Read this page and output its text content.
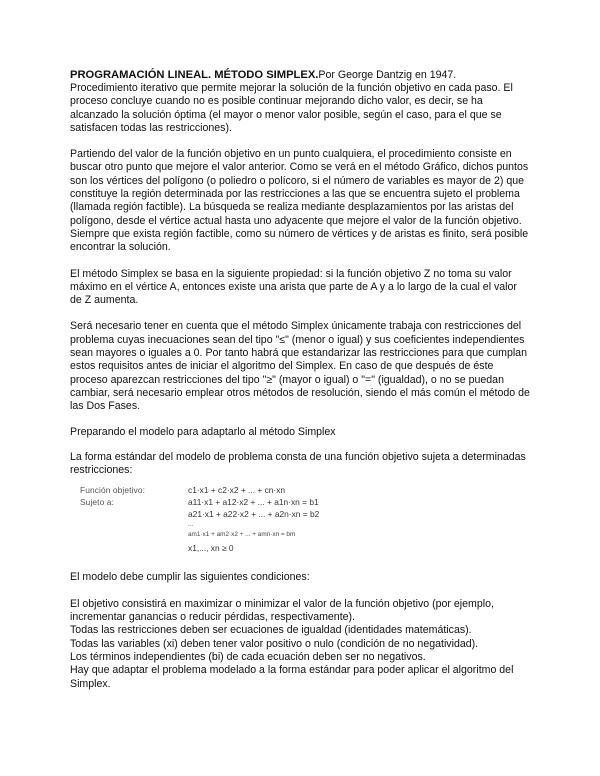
PROGRAMACIÓN LINEAL. MÉTODO SIMPLEX.Por George Dantzig en 1947.

Procedimiento iterativo que permite mejorar la solución de la función objetivo en cada paso. El proceso concluye cuando no es posible continuar mejorando dicho valor, es decir, se ha alcanzado la solución óptima (el mayor o menor valor posible, según el caso, para el que se satisfacen todas las restricciones).

Partiendo del valor de la función objetivo en un punto cualquiera, el procedimiento consiste en buscar otro punto que mejore el valor anterior. Como se verá en el método Gráfico, dichos puntos son los vértices del polígono (o poliedro o polícoro, si el número de variables es mayor de 2) que constituye la región determinada por las restricciones a las que se encuentra sujeto el problema (llamada región factible). La búsqueda se realiza mediante desplazamientos por las aristas del polígono, desde el vértice actual hasta uno adyacente que mejore el valor de la función objetivo. Siempre que exista región factible, como su número de vértices y de aristas es finito, será posible encontrar la solución.

El método Simplex se basa en la siguiente propiedad: si la función objetivo Z no toma su valor máximo en el vértice A, entonces existe una arista que parte de A y a lo largo de la cual el valor de Z aumenta.

Será necesario tener en cuenta que el método Simplex únicamente trabaja con restricciones del problema cuyas inecuaciones sean del tipo "≤" (menor o igual) y sus coeficientes independientes sean mayores o iguales a 0. Por tanto habrá que estandarizar las restricciones para que cumplan estos requisitos antes de iniciar el algoritmo del Simplex. En caso de que después de éste proceso aparezcan restricciones del tipo "≥" (mayor o igual) o "=" (igualdad), o no se puedan cambiar, será necesario emplear otros métodos de resolución, siendo el más común el método de las Dos Fases.

Preparando el modelo para adaptarlo al método Simplex

La forma estándar del modelo de problema consta de una función objetivo sujeta a determinadas restricciones:

Función objetivo:
Sujeto a:
c1·x1 + c2·x2 + ... + cn·xn
a11·x1 + a12·x2 + ... + a1n·xn = b1
a21·x1 + a22·x2 + ... + a2n·xn = b2
...
am1·x1 + am2·x2 + ... + amn·xn = bm
x1,..., xn ≥ 0

El modelo debe cumplir las siguientes condiciones:

El objetivo consistirá en maximizar o minimizar el valor de la función objetivo (por ejemplo, incrementar ganancias o reducir pérdidas, respectivamente).

Todas las restricciones deben ser ecuaciones de igualdad (identidades matemáticas).

Todas las variables (xi) deben tener valor positivo o nulo (condición de no negatividad).

Los términos independientes (bi) de cada ecuación deben ser no negativos.

Hay que adaptar el problema modelado a la forma estándar para poder aplicar el algoritmo del Simplex.
